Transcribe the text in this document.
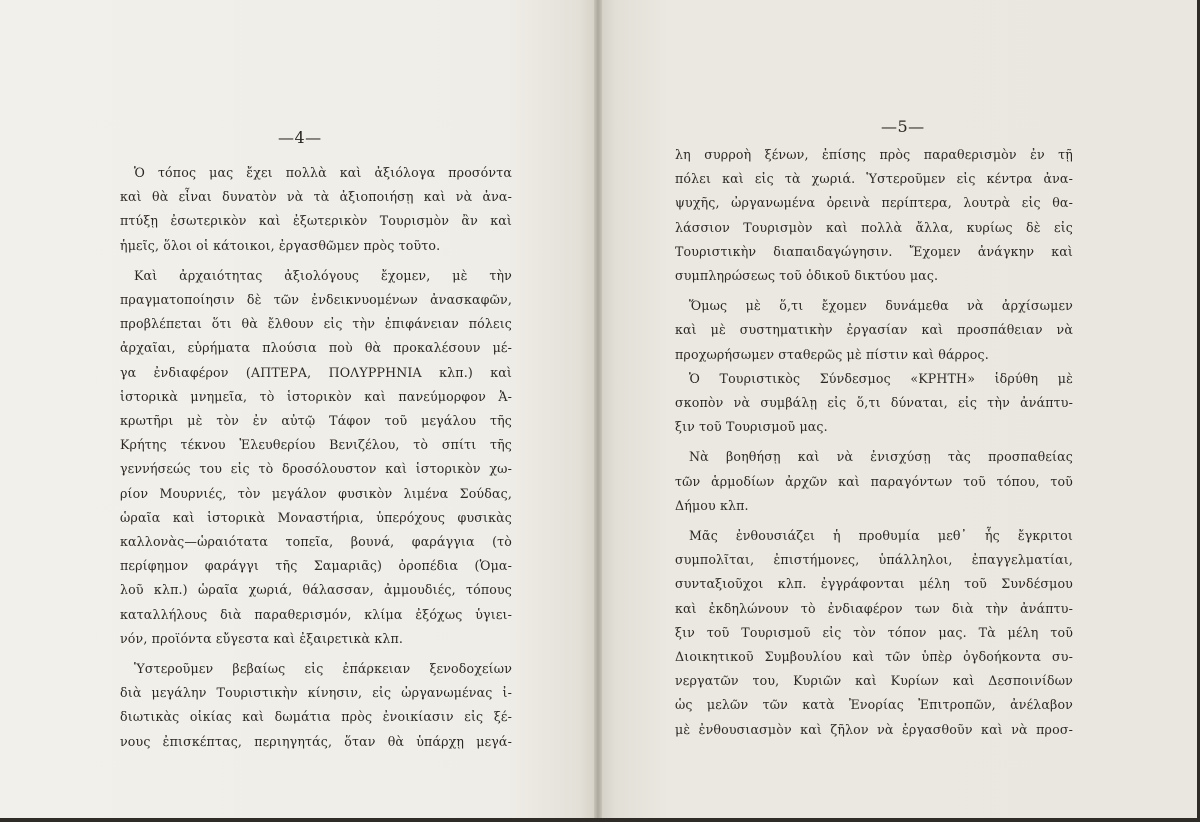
—4—
Ὁ τόπος μας ἔχει πολλὰ καὶ ἀξιόλογα προσόντα
καὶ θὰ εἶναι δυνατὸν νὰ τὰ ἀξιοποιήσῃ καὶ νὰ ἀνα-
πτύξῃ ἐσωτερικὸν καὶ ἐξωτερικὸν Τουρισμὸν ἂν καὶ
ἡμεῖς, ὅλοι οἱ κάτοικοι, ἐργασθῶμεν πρὸς τοῦτο.
Καὶ ἀρχαιότητας ἀξιολόγους ἔχομεν, μὲ τὴν
πραγματοποίησιν δὲ τῶν ἐνδεικνυομένων ἀνασκαφῶν,
προβλέπεται ὅτι θὰ ἔλθουν εἰς τὴν ἐπιφάνειαν πόλεις
ἀρχαῖαι, εὑρήματα πλούσια ποὺ θὰ προκαλέσουν μέ-
γα ἐνδιαφέρον (ΑΠΤΕΡΑ, ΠΟΛΥΡΡΗΝΙΑ κλπ.) καὶ
ἱστορικὰ μνημεῖα, τὸ ἱστορικὸν καὶ πανεύμορφον Ἀ-
κρωτῆρι μὲ τὸν ἐν αὐτῷ Τάφον τοῦ μεγάλου τῆς
Κρήτης τέκνου Ἐλευθερίου Βενιζέλου, τὸ σπίτι τῆς
γεννήσεώς του εἰς τὸ δροσόλουστον καὶ ἱστορικὸν χω-
ρίον Μουρνιές, τὸν μεγάλον φυσικὸν λιμένα Σούδας,
ὡραῖα καὶ ἱστορικὰ Μοναστήρια, ὑπερόχους φυσικὰς
καλλονὰς—ὡραιότατα τοπεῖα, βουνά, φαράγγια (τὸ
περίφημον φαράγγι τῆς Σαμαριᾶς) ὀροπέδια (Ὁμα-
λοῦ κλπ.) ὡραῖα χωριά, θάλασσαν, ἀμμουδιές, τόπους
καταλλήλους διὰ παραθερισμόν, κλίμα ἐξόχως ὑγιει-
νόν, προϊόντα εὔγεστα καὶ ἐξαιρετικὰ κλπ.
Ὑστεροῦμεν βεβαίως εἰς ἐπάρκειαν ξενοδοχείων
διὰ μεγάλην Τουριστικὴν κίνησιν, εἰς ὠργανωμένας ἰ-
διωτικὰς οἰκίας καὶ δωμάτια πρὸς ἐνοικίασιν εἰς ξέ-
νους ἐπισκέπτας, περιηγητάς, ὅταν θὰ ὑπάρχῃ μεγά-
—5—
λη συρροὴ ξένων, ἐπίσης πρὸς παραθερισμὸν ἐν τῇ
πόλει καὶ εἰς τὰ χωριά. Ὑστεροῦμεν εἰς κέντρα ἀνα-
ψυχῆς, ὠργανωμένα ὀρεινὰ περίπτερα, λουτρὰ εἰς θα-
λάσσιον Τουρισμὸν καὶ πολλὰ ἄλλα, κυρίως δὲ εἰς
Τουριστικὴν διαπαιδαγώγησιν. Ἔχομεν ἀνάγκην καὶ
συμπληρώσεως τοῦ ὁδικοῦ δικτύου μας.
Ὅμως μὲ ὅ,τι ἔχομεν δυνάμεθα νὰ ἀρχίσωμεν
καὶ μὲ συστηματικὴν ἐργασίαν καὶ προσπάθειαν νὰ
προχωρήσωμεν σταθερῶς μὲ πίστιν καὶ θάρρος.
Ὁ Τουριστικὸς Σύνδεσμος «ΚΡΗΤΗ» ἱδρύθη μὲ
σκοπὸν νὰ συμβάλῃ εἰς ὅ,τι δύναται, εἰς τὴν ἀνάπτυ-
ξιν τοῦ Τουρισμοῦ μας.
Νὰ βοηθήσῃ καὶ νὰ ἐνισχύσῃ τὰς προσπαθείας
τῶν ἁρμοδίων ἀρχῶν καὶ παραγόντων τοῦ τόπου, τοῦ
Δήμου κλπ.
Μᾶς ἐνθουσιάζει ἡ προθυμία μεθ᾽ ἧς ἔγκριτοι
συμπολῖται, ἐπιστήμονες, ὑπάλληλοι, ἐπαγγελματίαι,
συνταξιοῦχοι κλπ. ἐγγράφονται μέλη τοῦ Συνδέσμου
καὶ ἐκδηλώνουν τὸ ἐνδιαφέρον των διὰ τὴν ἀνάπτυ-
ξιν τοῦ Τουρισμοῦ εἰς τὸν τόπον μας. Τὰ μέλη τοῦ
Διοικητικοῦ Συμβουλίου καὶ τῶν ὑπὲρ ὀγδοήκοντα συ-
νεργατῶν του, Κυριῶν καὶ Κυρίων καὶ Δεσποινίδων
ὡς μελῶν τῶν κατὰ Ἐνορίας Ἐπιτροπῶν, ἀνέλαβον
μὲ ἐνθουσιασμὸν καὶ ζῆλον νὰ ἐργασθοῦν καὶ νὰ προσ-
